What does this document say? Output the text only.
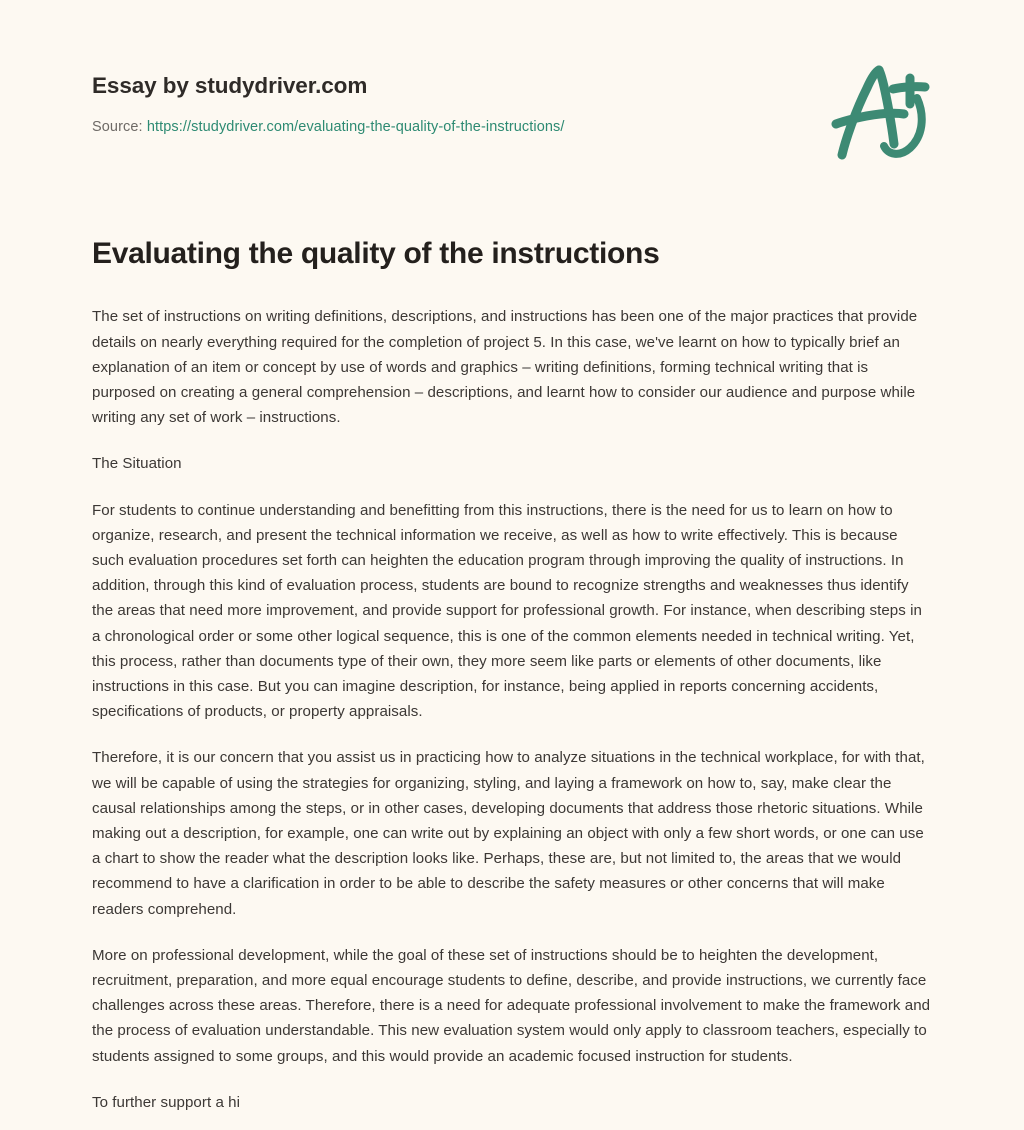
Essay by studydriver.com

Source: https://studydriver.com/evaluating-the-quality-of-the-instructions/

Evaluating the quality of the instructions

The set of instructions on writing definitions, descriptions, and instructions has been one of the major practices that provide details on nearly everything required for the completion of project 5. In this case, we've learnt on how to typically brief an explanation of an item or concept by use of words and graphics – writing definitions, forming technical writing that is purposed on creating a general comprehension – descriptions, and learnt how to consider our audience and purpose while writing any set of work – instructions.

The Situation

For students to continue understanding and benefitting from this instructions, there is the need for us to learn on how to organize, research, and present the technical information we receive, as well as how to write effectively. This is because such evaluation procedures set forth can heighten the education program through improving the quality of instructions. In addition, through this kind of evaluation process, students are bound to recognize strengths and weaknesses thus identify the areas that need more improvement, and provide support for professional growth. For instance, when describing steps in a chronological order or some other logical sequence, this is one of the common elements needed in technical writing. Yet, this process, rather than documents type of their own, they more seem like parts or elements of other documents, like instructions in this case. But you can imagine description, for instance, being applied in reports concerning accidents, specifications of products, or property appraisals.

Therefore, it is our concern that you assist us in practicing how to analyze situations in the technical workplace, for with that, we will be capable of using the strategies for organizing, styling, and laying a framework on how to, say, make clear the causal relationships among the steps, or in other cases, developing documents that address those rhetoric situations. While making out a description, for example, one can write out by explaining an object with only a few short words, or one can use a chart to show the reader what the description looks like. Perhaps, these are, but not limited to, the areas that we would recommend to have a clarification in order to be able to describe the safety measures or other concerns that will make readers comprehend.

More on professional development, while the goal of these set of instructions should be to heighten the development, recruitment, preparation, and more equal encourage students to define, describe, and provide instructions, we currently face challenges across these areas. Therefore, there is a need for adequate professional involvement to make the framework and the process of evaluation understandable. This new evaluation system would only apply to classroom teachers, especially to students assigned to some groups, and this would provide an academic focused instruction for students.

To further support a hi
